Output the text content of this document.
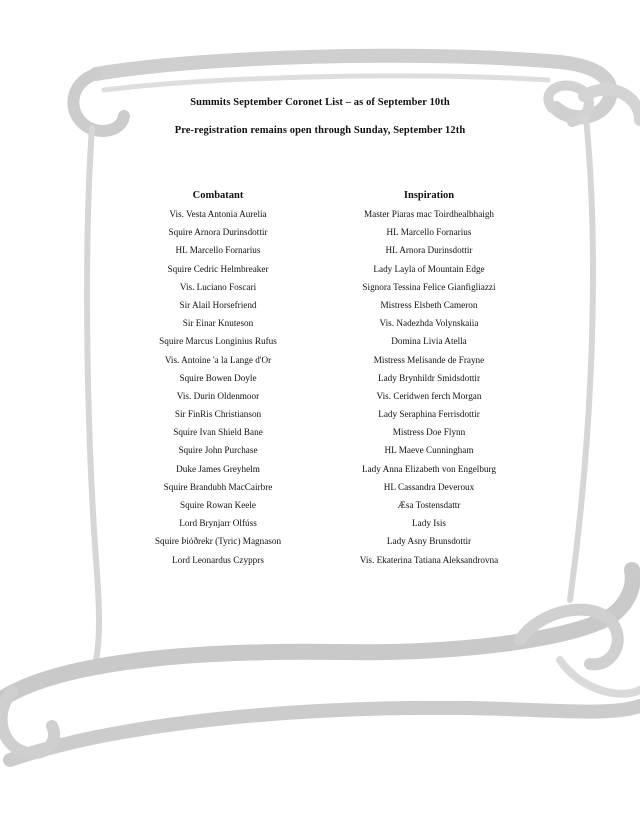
Summits September Coronet List – as of September 10th
Pre-registration remains open through Sunday, September 12th
Combatant
Vis. Vesta Antonia Aurelia
Squire Arnora Durinsdottir
HL Marcello Fornarius
Squire Cedric Helmbreaker
Vis. Luciano Foscari
Sir Alail Horsefriend
Sir Einar Knuteson
Squire Marcus Longinius Rufus
Vis. Antoine 'a la Lange d'Or
Squire Bowen Doyle
Vis. Durin Oldenmoor
Sir FinRis Christianson
Squire Ivan Shield Bane
Squire John Purchase
Duke James Greyhelm
Squire Brandubh MacCairbre
Squire Rowan Keele
Lord Brynjarr Olfúss
Squire Þióðrekr (Tyric) Magnason
Lord Leonardus Czypprs
Inspiration
Master Piaras mac Toirdhealbhaigh
HL Marcello Fornarius
HL Arnora Durinsdottir
Lady Layla of Mountain Edge
Signora Tessina Felice Gianfigliazzi
Mistress Elsbeth Cameron
Vis. Nadezhda Volynskaiia
Domina Livia Atella
Mistress Melisande de Frayne
Lady Brynhildr Smidsdottir
Vis. Ceridwen ferch Morgan
Lady Seraphina Ferrisdottir
Mistress Doe Flynn
HL Maeve Cunningham
Lady Anna Elizabeth von Engelburg
HL Cassandra Deveroux
Æsa Tostensdattr
Lady Isis
Lady Asny Brunsdottir
Vis. Ekaterina Tatiana Aleksandrovna
